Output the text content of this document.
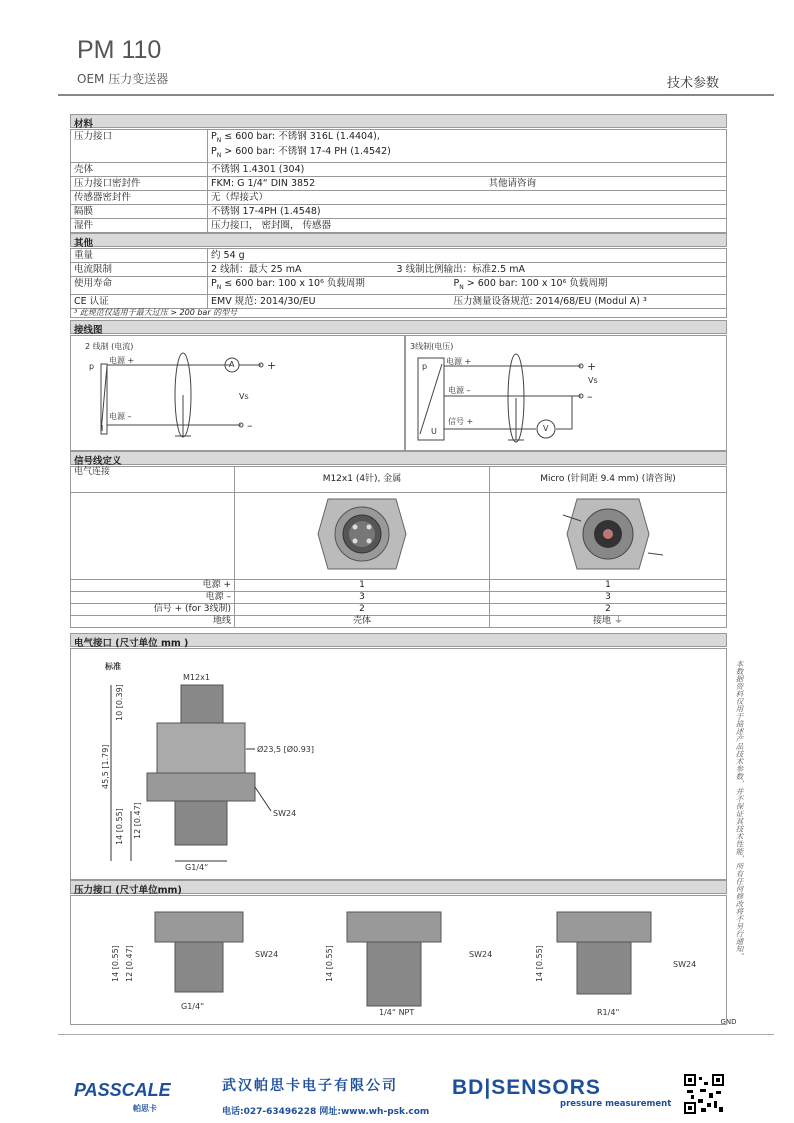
PM 110
OEM 压力变送器	技术参数
材料
压力接口	$P_N \le 600$ bar: 不锈钢 316L (1.4404),
$P_N > 600$ bar: 不锈钢 17-4 PH (1.4542)
壳体	不锈钢 1.4301 (304)
压力接口密封件	FKM: G 1/4“ DIN 3852 其他请咨询

传感器密封件	无（焊接式）
隔膜	不锈钢 17-4PH (1.4548)
湿件	压力接口， 密封圈， 传感器
其他
重量	约 54 g
电流限制	2 线制：最大 25 mA 3 线制比例输出：标准2.5 mA

使用寿命	$P_N \le 600$ bar: 100 x 10⁶ 负载周期 $P_N > 600$ bar: 100 x 10⁶ 负载周期

CE 认证	EMV 规范: 2014/30/EU 压力测量设备规范: 2014/68/EU (Modul A) ³
³ 此规范仅适用于最大过压 > 200 bar 的型号
接线图
2 线制 (电流)
p
电源 +
电源 –
I
A	+
–
Vs
3线制(电压)
p
电源 +
电源 –
信号 +
U	V
+
–
Vs
信号线定义
电气连接	M12x1 (4针), 金属	Micro (针间距 9.4 mm) (请咨询)

GND

电源 +	1	1
电源 –	3	3
信号 + (for 3线制)	2	2
地线	壳体	接地 ⏚
电气接口 (尺寸单位 mm )
标准
M12x1
10 [0.39]
Ø23,5 [Ø0.93]
45,5 [1.79]
SW24
14 [0.55] 12 [0.47]
G1/4“
压力接口 (尺寸单位mm)
SW24
14 [0.55] 12 [0.47]
G1/4“
SW24
14 [0.55]
1/4“ NPT
SW24
14 [0.55]
R1/4“
本数据资料仅用于描述产品技术参数，并不保证其技术性能，所有任何修改将不另行通知。
PASSCALE
帕思卡
武汉帕思卡电子有限公司
电话:027-63496228 网址:www.wh-psk.com
BD|SENSORS
pressure measurement
